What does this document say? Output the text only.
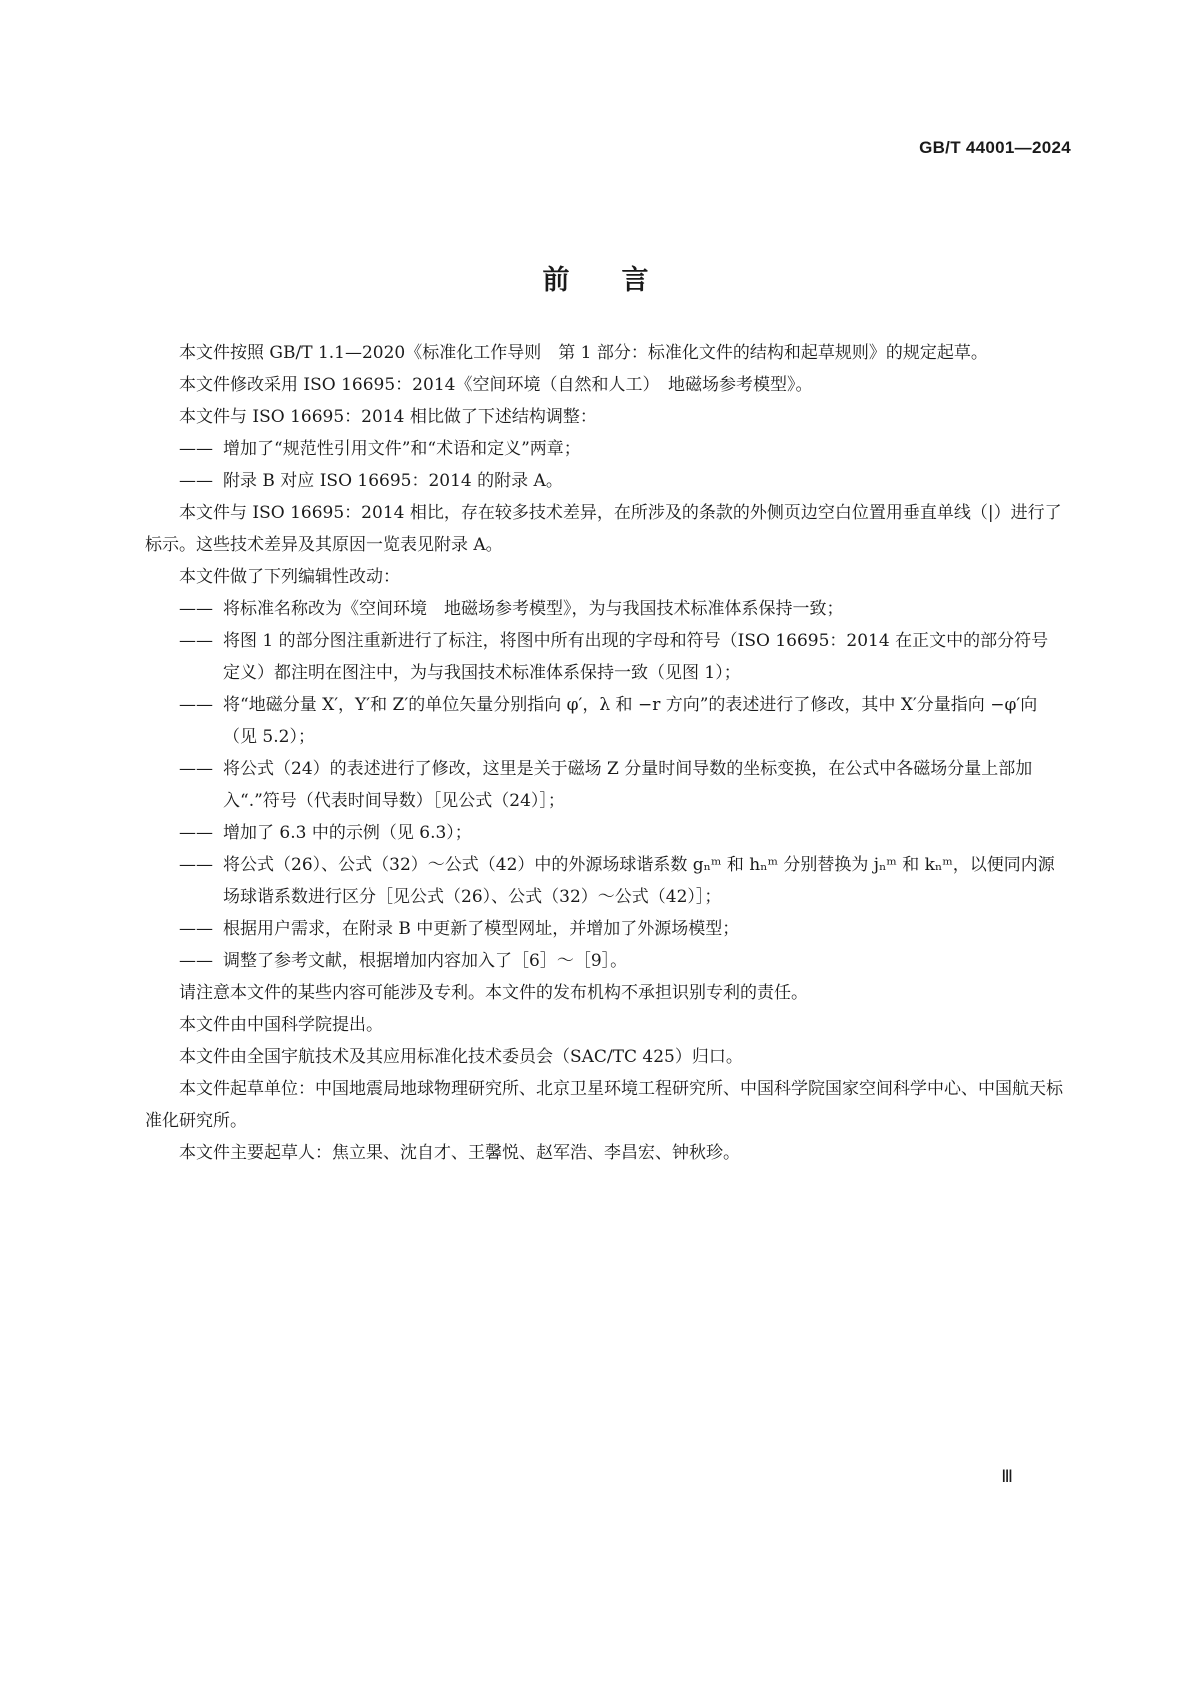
GB/T 44001—2024
前言

本文件按照 GB/T 1.1—2020《标准化工作导则　第 1 部分：标准化文件的结构和起草规则》的规定起草。

本文件修改采用 ISO 16695：2014《空间环境（自然和人工）　地磁场参考模型》。

本文件与 ISO 16695：2014 相比做了下述结构调整：

—— 增加了“规范性引用文件”和“术语和定义”两章；

—— 附录 B 对应 ISO 16695：2014 的附录 A。

本文件与 ISO 16695：2014 相比，存在较多技术差异，在所涉及的条款的外侧页边空白位置用垂直单线（|）进行了标示。这些技术差异及其原因一览表见附录 A。

本文件做了下列编辑性改动：

—— 将标准名称改为《空间环境　地磁场参考模型》，为与我国技术标准体系保持一致；

—— 将图 1 的部分图注重新进行了标注，将图中所有出现的字母和符号（ISO 16695：2014 在正文中的部分符号定义）都注明在图注中，为与我国技术标准体系保持一致（见图 1）；

—— 将“地磁分量 X′，Y′和 Z′的单位矢量分别指向 φ′，λ 和 −r 方向”的表述进行了修改，其中 X′分量指向 −φ′向（见 5.2）；

—— 将公式（24）的表述进行了修改，这里是关于磁场 Z 分量时间导数的坐标变换，在公式中各磁场分量上部加入“.”符号（代表时间导数）［见公式（24）］；

—— 增加了 6.3 中的示例（见 6.3）；

—— 将公式（26）、公式（32）～公式（42）中的外源场球谐系数 gₙᵐ 和 hₙᵐ 分别替换为 jₙᵐ 和 kₙᵐ，以便同内源场球谐系数进行区分［见公式（26）、公式（32）～公式（42）］；

—— 根据用户需求，在附录 B 中更新了模型网址，并增加了外源场模型；

—— 调整了参考文献，根据增加内容加入了［6］～［9］。

请注意本文件的某些内容可能涉及专利。本文件的发布机构不承担识别专利的责任。

本文件由中国科学院提出。

本文件由全国宇航技术及其应用标准化技术委员会（SAC/TC 425）归口。

本文件起草单位：中国地震局地球物理研究所、北京卫星环境工程研究所、中国科学院国家空间科学中心、中国航天标准化研究所。

本文件主要起草人：焦立果、沈自才、王馨悦、赵军浩、李昌宏、钟秋珍。

Ⅲ
